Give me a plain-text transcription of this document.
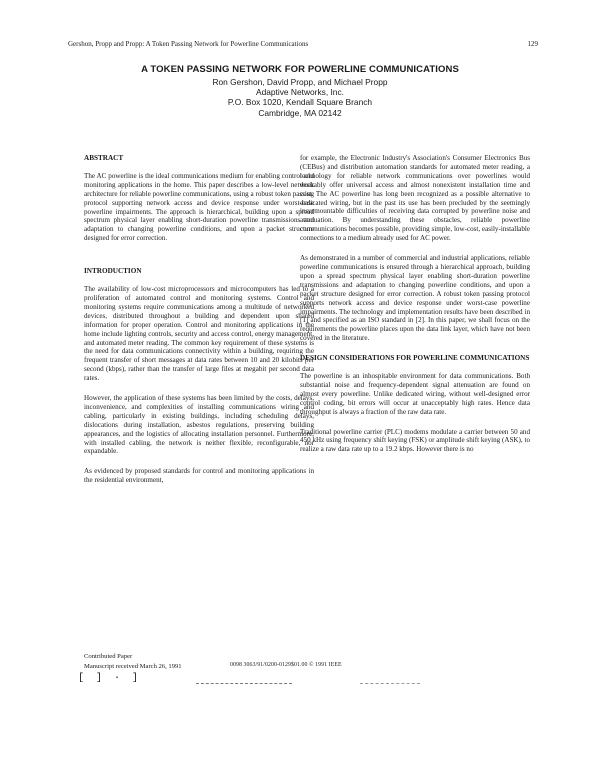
Gershon, Propp and Propp: A Token Passing Network for Powerline Communications	129
A TOKEN PASSING NETWORK FOR POWERLINE COMMUNICATIONS
Ron Gershon, David Propp, and Michael Propp
Adaptive Networks, Inc.
P.O. Box 1020, Kendall Square Branch
Cambridge, MA 02142
ABSTRACT

The AC powerline is the ideal communications medium for enabling control and monitoring applications in the home. This paper describes a low-level network architecture for reliable powerline communications, using a robust token passing protocol supporting network access and device response under worst-case powerline impairments. The approach is hierarchical, building upon a spread spectrum physical layer enabling short-duration powerline transmissions and adaptation to changing powerline conditions, and upon a packet structure designed for error correction.

INTRODUCTION

The availability of low-cost microprocessors and microcomputers has led to a proliferation of automated control and monitoring systems. Control and monitoring systems require communications among a multitude of networked devices, distributed throughout a building and dependent upon shared information for proper operation. Control and monitoring applications in the home include lighting controls, security and access control, energy management, and automated meter reading. The common key requirement of these systems is the need for data communications connectivity within a building, requiring the frequent transfer of short messages at data rates between 10 and 20 kilobits per second (kbps), rather than the transfer of large files at megabit per second data rates.

However, the application of these systems has been limited by the costs, delays, inconvenience, and complexities of installing communications wiring and cabling, particularly in existing buildings, including scheduling delays, dislocations during installation, asbestos regulations, preserving building appearances, and the logistics of allocating installation personnel. Furthermore, with installed cabling, the network is neither flexible, reconfigurable, nor expandable.

As evidenced by proposed standards for control and monitoring applications in the residential environment,

for example, the Electronic Industry's Association's Consumer Electronics Bus (CEBus) and distribution automation standards for automated meter reading, a technology for reliable network communications over powerlines would desirably offer universal access and almost nonexistent installation time and cost. The AC powerline has long been recognized as a possible alternative to dedicated wiring, but in the past its use has been precluded by the seemingly insurmountable difficulties of receiving data corrupted by powerline noise and attenuation. By understanding these obstacles, reliable powerline communications becomes possible, providing simple, low-cost, easily-installable connections to a medium already used for AC power.

As demonstrated in a number of commercial and industrial applications, reliable powerline communications is ensured through a hierarchical approach, building upon a spread spectrum physical layer enabling short-duration powerline transmissions and adaptation to changing powerline conditions, and upon a packet structure designed for error correction. A robust token passing protocol supports network access and device response under worst-case powerline impairments. The technology and implementation results have been described in [1] and specified as an ISO standard in [2]. In this paper, we shall focus on the requirements the powerline places upon the data link layer, which have not been covered in the literature.

DESIGN CONSIDERATIONS FOR POWERLINE COMMUNICATIONS

The powerline is an inhospitable environment for data communications. Both substantial noise and frequency-dependent signal attenuation are found on almost every powerline. Unlike dedicated wiring, without well-designed error control coding, bit errors will occur at unacceptably high rates. Hence data throughput is always a fraction of the raw data rate.

Traditional powerline carrier (PLC) modems modulate a carrier between 50 and 450 kHz using frequency shift keying (FSK) or amplitude shift keying (ASK), to realize a raw data rate up to a 19.2 kbps. However there is no

Contributed Paper
Manuscript received March 26, 1991	0098 3063/91/0200-0129$01.00 © 1991 IEEE
[ ] · ]
